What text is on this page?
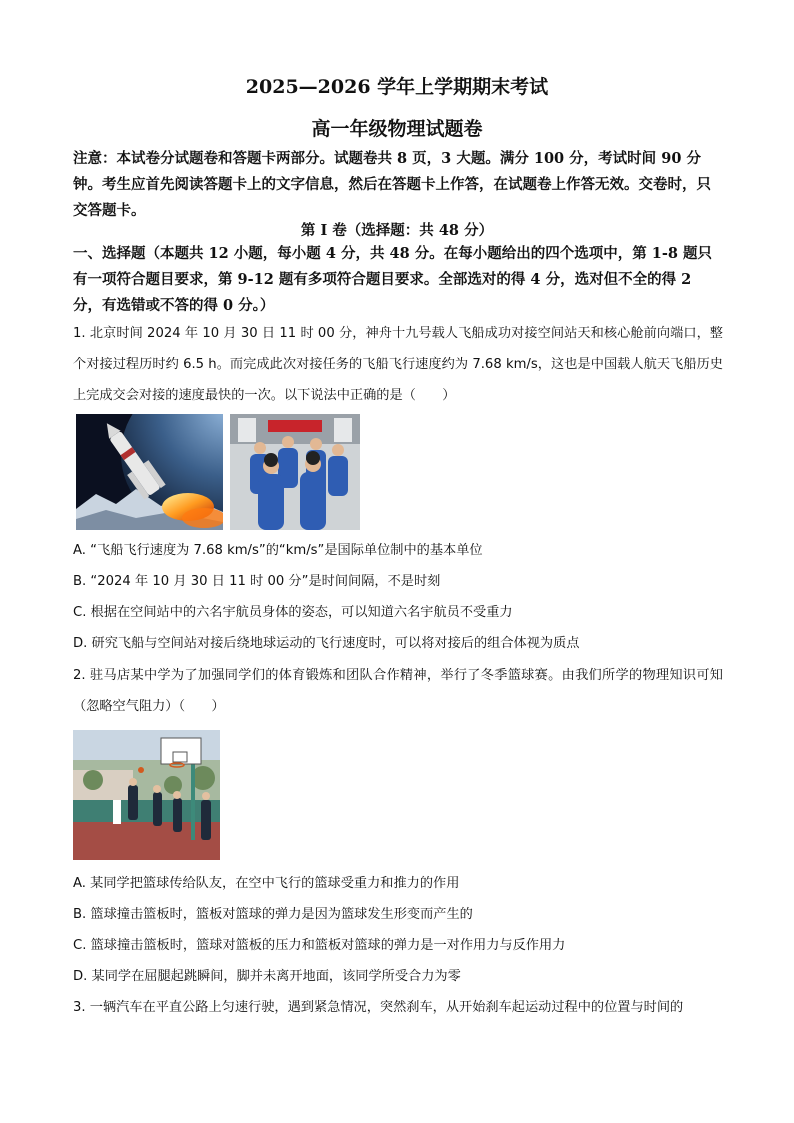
2025—2026 学年上学期期末考试
高一年级物理试题卷
注意：本试卷分试题卷和答题卡两部分。试题卷共 8 页，3 大题。满分 100 分，考试时间 90 分钟。考生应首先阅读答题卡上的文字信息，然后在答题卡上作答，在试题卷上作答无效。交卷时，只交答题卡。
第 I 卷（选择题：共 48 分）
一、选择题（本题共 12 小题，每小题 4 分，共 48 分。在每小题给出的四个选项中，第 1-8 题只有一项符合题目要求，第 9-12 题有多项符合题目要求。全部选对的得 4 分，选对但不全的得 2 分，有选错或不答的得 0 分。）
1. 北京时间 2024 年 10 月 30 日 11 时 00 分，神舟十九号载人飞船成功对接空间站天和核心舱前向端口，整个对接过程历时约 6.5 h。而完成此次对接任务的飞船飞行速度约为 7.68 km/s，这也是中国载人航天飞船历史上完成交会对接的速度最快的一次。以下说法中正确的是（　　）
A. “飞船飞行速度为 7.68 km/s”的“km/s”是国际单位制中的基本单位
B. “2024 年 10 月 30 日 11 时 00 分”是时间间隔，不是时刻
C. 根据在空间站中的六名宇航员身体的姿态，可以知道六名宇航员不受重力
D. 研究飞船与空间站对接后绕地球运动的飞行速度时，可以将对接后的组合体视为质点
2. 驻马店某中学为了加强同学们的体育锻炼和团队合作精神，举行了冬季篮球赛。由我们所学的物理知识可知（忽略空气阻力）（　　）
A. 某同学把篮球传给队友，在空中飞行的篮球受重力和推力的作用
B. 篮球撞击篮板时，篮板对篮球的弹力是因为篮球发生形变而产生的
C. 篮球撞击篮板时，篮球对篮板的压力和篮板对篮球的弹力是一对作用力与反作用力
D. 某同学在屈腿起跳瞬间，脚并未离开地面，该同学所受合力为零
3. 一辆汽车在平直公路上匀速行驶，遇到紧急情况，突然刹车，从开始刹车起运动过程中的位置与时间的
